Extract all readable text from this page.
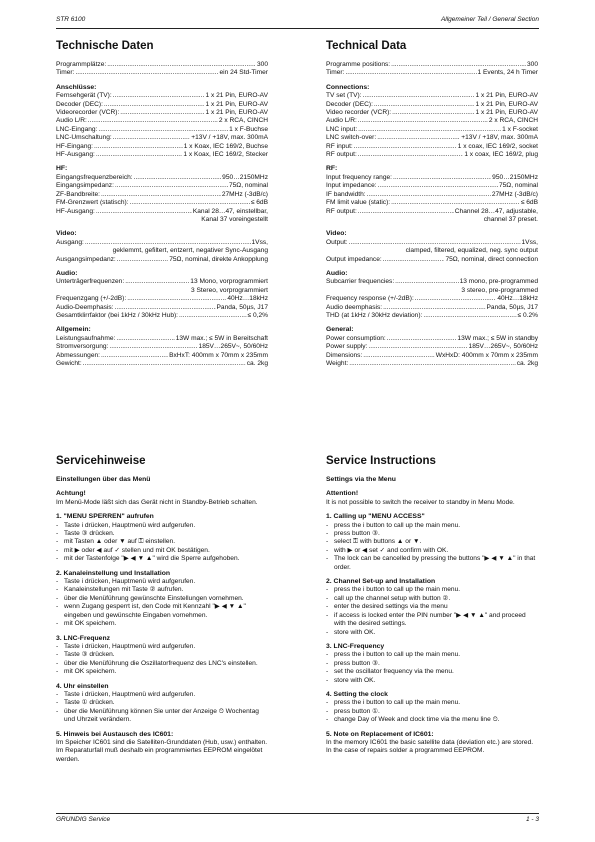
STR 6100	Allgemeiner Teil / General Section
Technische Daten
Programmplätze: .....	300
Timer: .....	ein 24 Std-Timer
Anschlüsse:
Fernsehgerät (TV): .....	1 x 21 Pin, EURO-AV
Decoder (DEC): .....	1 x 21 Pin, EURO-AV
Videorecorder (VCR): .....	1 x 21 Pin, EURO-AV
Audio L/R: .....	2 x RCA, CINCH
LNC-Eingang: .....	1 x F-Buchse
LNC-Umschaltung: .....	+13V / +18V, max. 300mA
HF-Eingang: .....	1 x Koax, IEC 169/2, Buchse
HF-Ausgang: .....	1 x Koax, IEC 169/2, Stecker
HF:
Eingangsfrequenzbereich: .....	950…2150MHz
Eingangsimpedanz: .....	75Ω, nominal
ZF-Bandbreite: .....	27MHz (-3dB/c)
FM-Grenzwert (statisch): .....	≤ 6dB
HF-Ausgang: .....	Kanal 28…47, einstellbar,
Kanal 37 voreingestellt
Video:
Ausgang: .....	1Vss,
geklemmt, gefiltert, entzerrt, negativer Sync-Ausgang
Ausgangsimpedanz: .....	75Ω, nominal, direkte Ankopplung
Audio:
Unterträgerfrequenzen: .....	13 Mono, vorprogrammiert
3 Stereo, vorprogrammiert
Frequenzgang (+/-2dB): .....	40Hz…18kHz
Audio-Deemphasis: .....	Panda, 50µs, J17
Gesamtklirrfaktor (bei 1kHz / 30kHz Hub): .....	≤ 0,2%
Allgemein:
Leistungsaufnahme: .....	13W max.; ≤ 5W in Bereitschaft
Stromversorgung: .....	185V…265V~, 50/60Hz
Abmessungen: .....	BxHxT: 400mm x 70mm x 235mm
Gewicht: .....	ca. 2kg
Technical Data
Programme positions: .....	300
Timer: .....	1 Events, 24 h Timer
Connections:
TV set (TV): .....	1 x 21 Pin, EURO-AV
Decoder (DEC): .....	1 x 21 Pin, EURO-AV
Video recorder (VCR): .....	1 x 21 Pin, EURO-AV
Audio L/R: .....	2 x RCA, CINCH
LNC input: .....	1 x F-socket
LNC switch-over: .....	+13V / +18V, max. 300mA
RF input: .....	1 x coax, IEC 169/2, socket
RF output: .....	1 x coax, IEC 169/2, plug
RF:
Input frequency range: .....	950…2150MHz
Input impedance: .....	75Ω, nominal
IF bandwidth: .....	27MHz (-3dB/c)
FM limit value (static): .....	≤ 6dB
RF output: .....	Channel 28…47, adjustable,
channel 37 preset.
Video:
Output: .....	1Vss,
clamped, filtered, equalized, neg. sync output
Output impedance: .....	75Ω, nominal, direct connection
Audio:
Subcarrier frequencies: .....	13 mono, pre-programmed
3 stereo, pre-programmed
Frequency response (+/-2dB): .....	40Hz…18kHz
Audio deemphasis: .....	Panda, 50µs, J17
THD (at 1kHz / 30kHz deviation): .....	≤ 0.2%
General:
Power consumption: .....	13W max.; ≤ 5W in standby
Power supply: .....	185V…265V~, 50/60Hz
Dimensions: .....	WxHxD: 400mm x 70mm x 235mm
Weight: .....	ca. 2kg
Servicehinweise
Einstellungen über das Menü
Achtung!

Im Menü-Mode läßt sich das Gerät nicht in Standby-Betrieb schalten.

1. "MENU SPERREN" aufrufen
- Taste i drücken, Hauptmenü wird aufgerufen.
- Taste ③ drücken.
- mit Tasten ▲ oder ▼ auf ⚿ einstellen.
- mit ▶ oder ◀ auf ✓ stellen und mit OK bestätigen.
- mit der Tastenfolge "▶ ◀ ▼ ▲" wird die Sperre aufgehoben.
2. Kanaleinstellung und Installation
- Taste i drücken, Hauptmenü wird aufgerufen.
- Kanaleinstellungen mit Taste ② aufrufen.
- über die Menüführung gewünschte Einstellungen vornehmen.
- wenn Zugang gesperrt ist, den Code mit Kennzahl "▶ ◀ ▼ ▲" eingeben und gewünschte Eingaben vornehmen.
- mit OK speichern.
3. LNC-Frequenz
- Taste i drücken, Hauptmenü wird aufgerufen.
- Taste ③ drücken.
- über die Menüführung die Oszillatorfrequenz des LNC's einstellen.
- mit OK speichern.
4. Uhr einstellen
- Taste i drücken, Hauptmenü wird aufgerufen.
- Taste ① drücken.
- über die Menüführung können Sie unter der Anzeige ⏲ Wochentag und Uhrzeit verändern.
5. Hinweis bei Austausch des IC601:

Im Speicher IC601 sind die Satelliten-Grunddaten (Hub, usw.) enthalten. Im Reparaturfall muß deshalb ein programmiertes EEPROM eingelötet werden.

Service Instructions
Settings via the Menu
Attention!

It is not possible to switch the receiver to standby in Menu Mode.

1. Calling up "MENU ACCESS"
- press the i button to call up the main menu.
- press button ③.
- select ⚿ with buttons ▲ or ▼.
- with ▶ or ◀ set ✓ and confirm with OK.
- The lock can be cancelled by pressing the buttons "▶ ◀ ▼ ▲" in that order.
2. Channel Set-up and Installation
- press the i button to call up the main menu.
- call up the channel setup with button ②.
- enter the desired settings via the menu
- if access is locked enter the PIN number "▶ ◀ ▼ ▲" and proceed with the desired settings.
- store with OK.
3. LNC-Frequency
- press the i button to call up the main menu.
- press button ③.
- set the oscillator frequency via the menu.
- store with OK.
4. Setting the clock
- press the i button to call up the main menu.
- press button ①.
- change Day of Week and clock time via the menu line ⏲.
5. Note on Replacement of IC601:

In the memory IC601 the basic satellite data (deviation etc.) are stored. In the case of repairs solder a programmed EEPROM.

GRUNDIG Service	1 - 3
